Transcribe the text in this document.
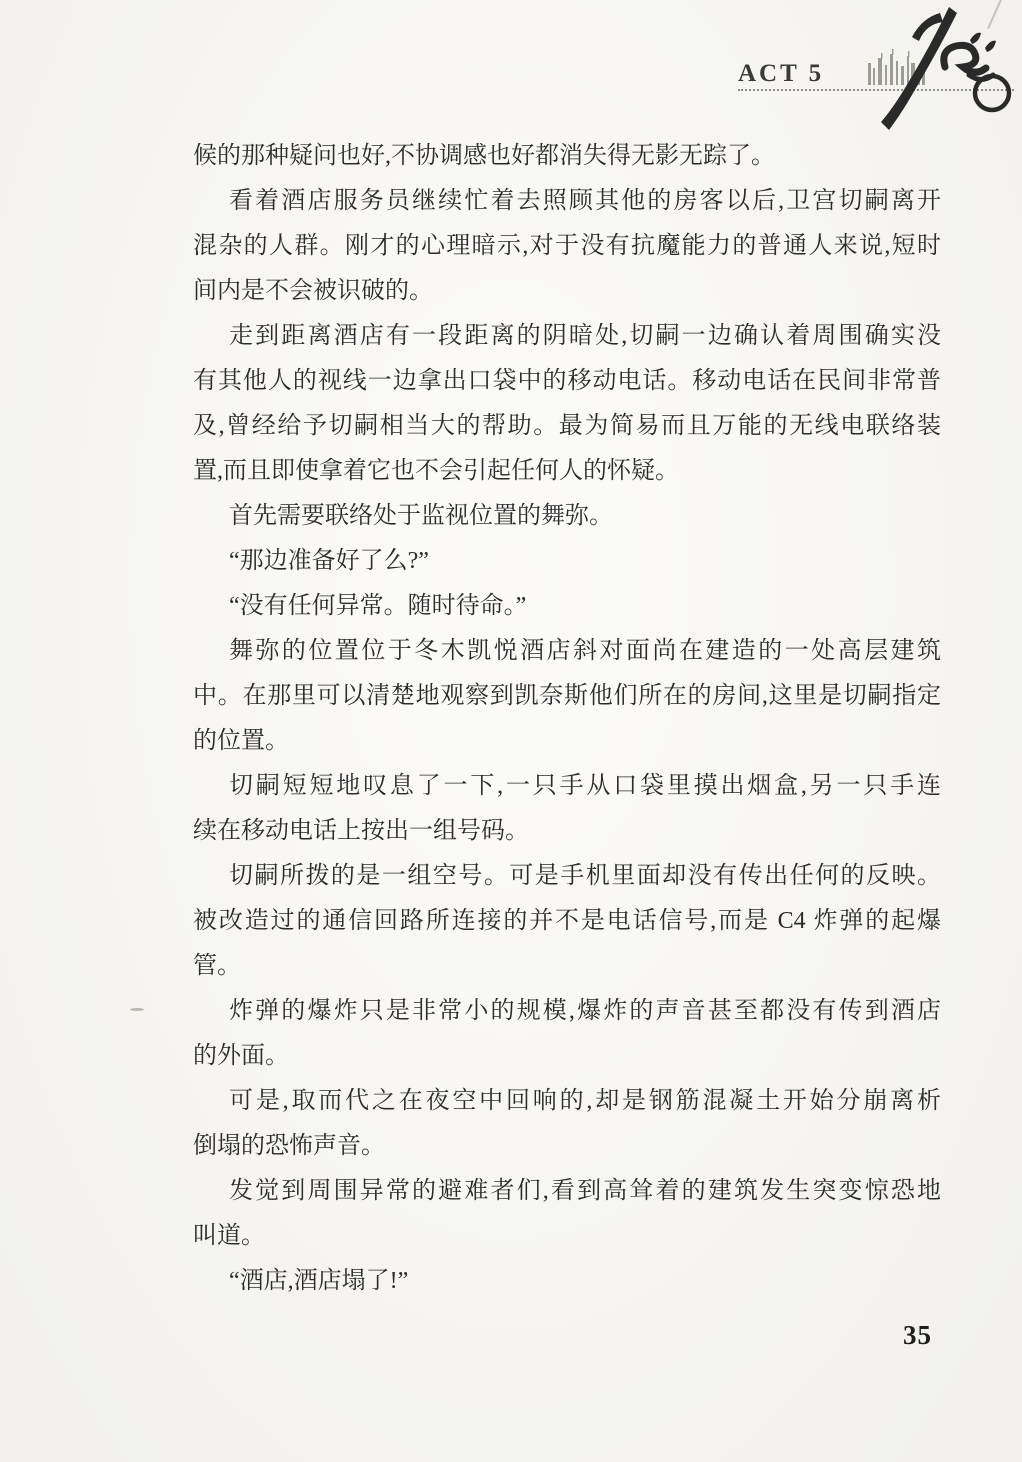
ACT 5
候的那种疑问也好,不协调感也好都消失得无影无踪了。
看着酒店服务员继续忙着去照顾其他的房客以后,卫宫切嗣离开
混杂的人群。刚才的心理暗示,对于没有抗魔能力的普通人来说,短时
间内是不会被识破的。
走到距离酒店有一段距离的阴暗处,切嗣一边确认着周围确实没
有其他人的视线一边拿出口袋中的移动电话。移动电话在民间非常普
及,曾经给予切嗣相当大的帮助。最为简易而且万能的无线电联络装
置,而且即使拿着它也不会引起任何人的怀疑。
首先需要联络处于监视位置的舞弥。
“那边准备好了么?”
“没有任何异常。随时待命。”
舞弥的位置位于冬木凯悦酒店斜对面尚在建造的一处高层建筑
中。在那里可以清楚地观察到凯奈斯他们所在的房间,这里是切嗣指定
的位置。
切嗣短短地叹息了一下,一只手从口袋里摸出烟盒,另一只手连
续在移动电话上按出一组号码。
切嗣所拨的是一组空号。可是手机里面却没有传出任何的反映。
被改造过的通信回路所连接的并不是电话信号,而是 C4 炸弹的起爆
管。
炸弹的爆炸只是非常小的规模,爆炸的声音甚至都没有传到酒店
的外面。
可是,取而代之在夜空中回响的,却是钢筋混凝土开始分崩离析
倒塌的恐怖声音。
发觉到周围异常的避难者们,看到高耸着的建筑发生突变惊恐地
叫道。
“酒店,酒店塌了!”
35
